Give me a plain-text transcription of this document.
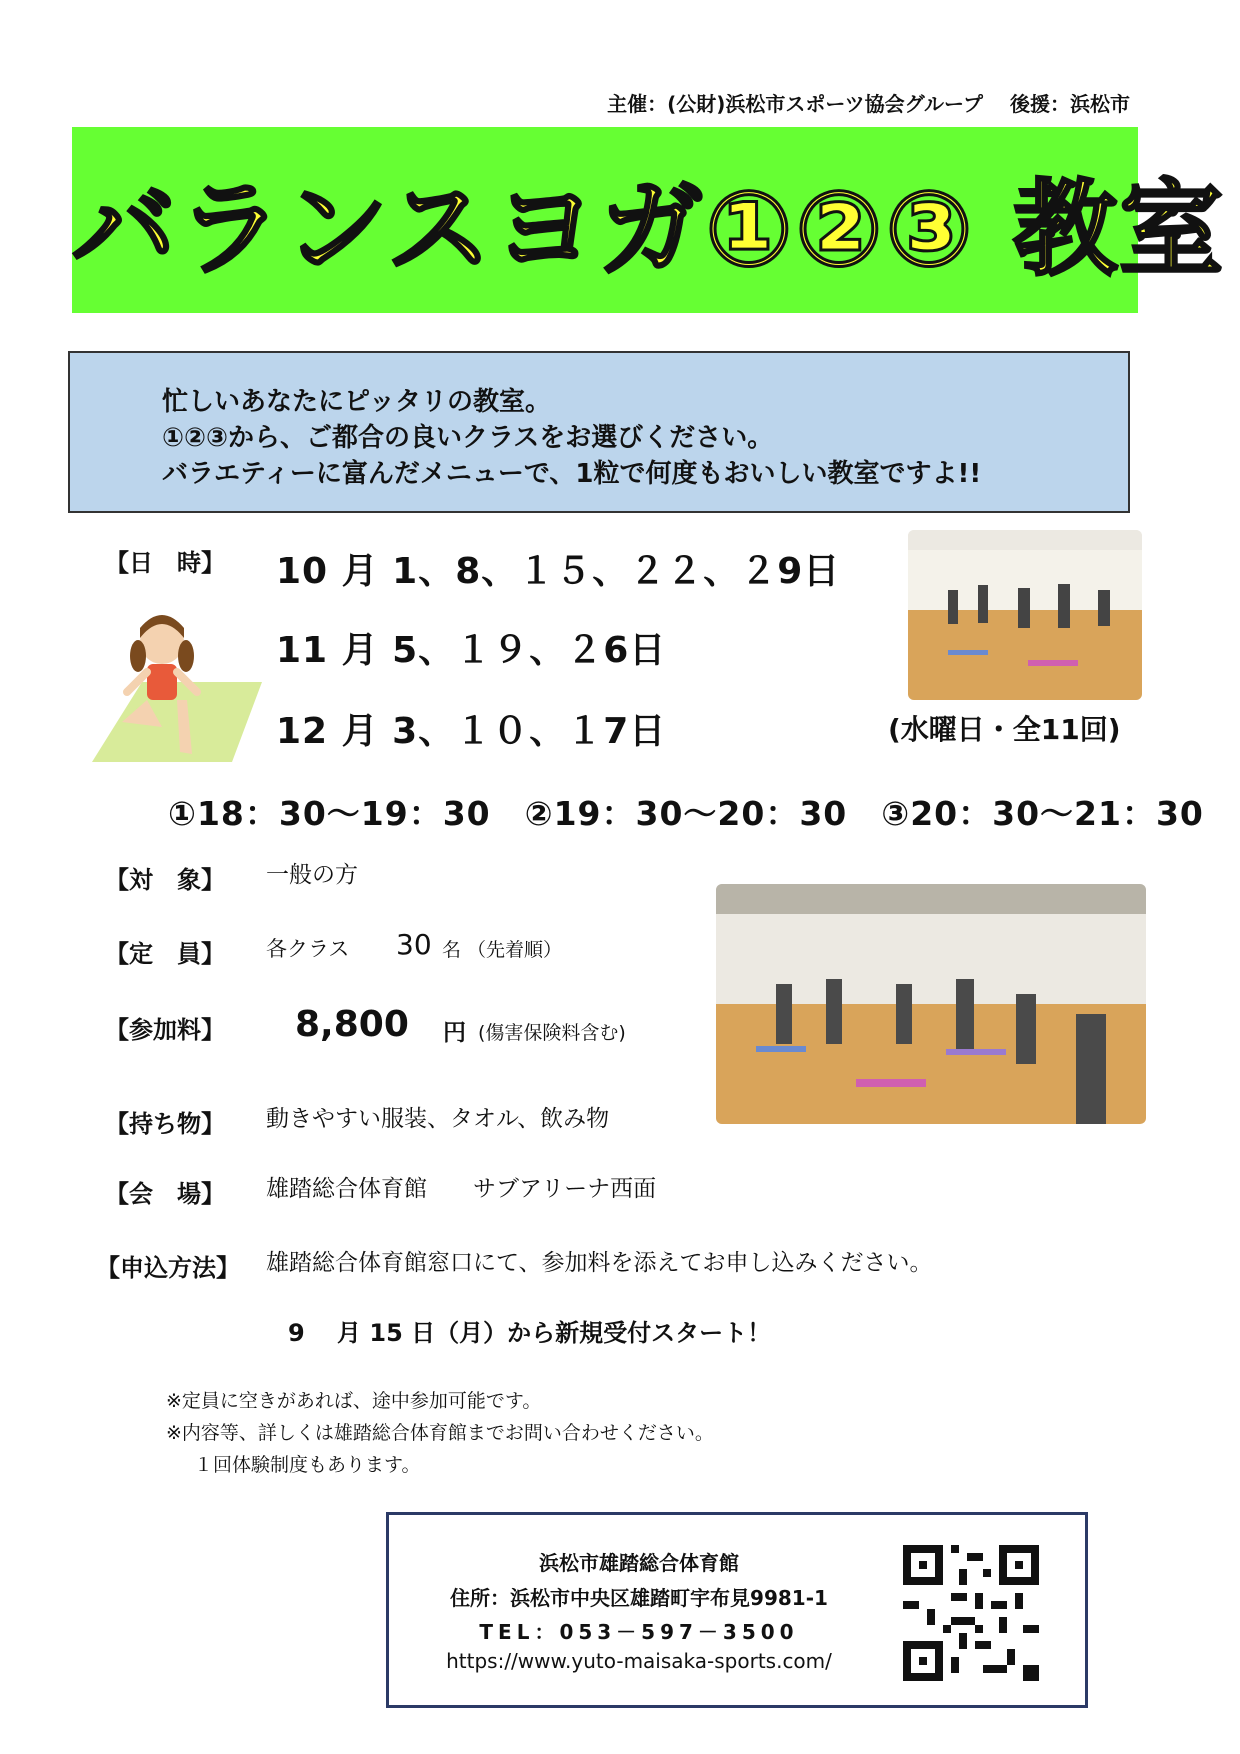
主催：(公財)浜松市スポーツ協会グループ　 後援：浜松市
バランスヨガ①②③ 教室
忙しいあなたにピッタリの教室。
①②③から、ご都合の良いクラスをお選びください。
バラエティーに富んだメニューで、1粒で何度もおいしい教室ですよ!!
【日　時】 10 月 1、8、１５、２２、２9日
11 月 5、１９、２6日
12 月 3、１０、１7日	(水曜日・全11回)
①18：30〜19：30　②19：30〜20：30　③20：30〜21：30
【対　象】 一般の方
【定　員】 各クラス 30 名 （先着順）
【参加料】 8,800 円 (傷害保険料含む)
【持ち物】 動きやすい服装、タオル、飲み物
【会　場】 雄踏総合体育館　　サブアリーナ西面
【申込方法】 雄踏総合体育館窓口にて、参加料を添えてお申し込みください。
9　 月 15 日（月）から新規受付スタート！
※定員に空きがあれば、途中参加可能です。
※内容等、詳しくは雄踏総合体育館までお問い合わせください。
１回体験制度もあります。
浜松市雄踏総合体育館
住所：浜松市中央区雄踏町宇布見9981-1
TEL：053－597－3500
https://www.yuto-maisaka-sports.com/
